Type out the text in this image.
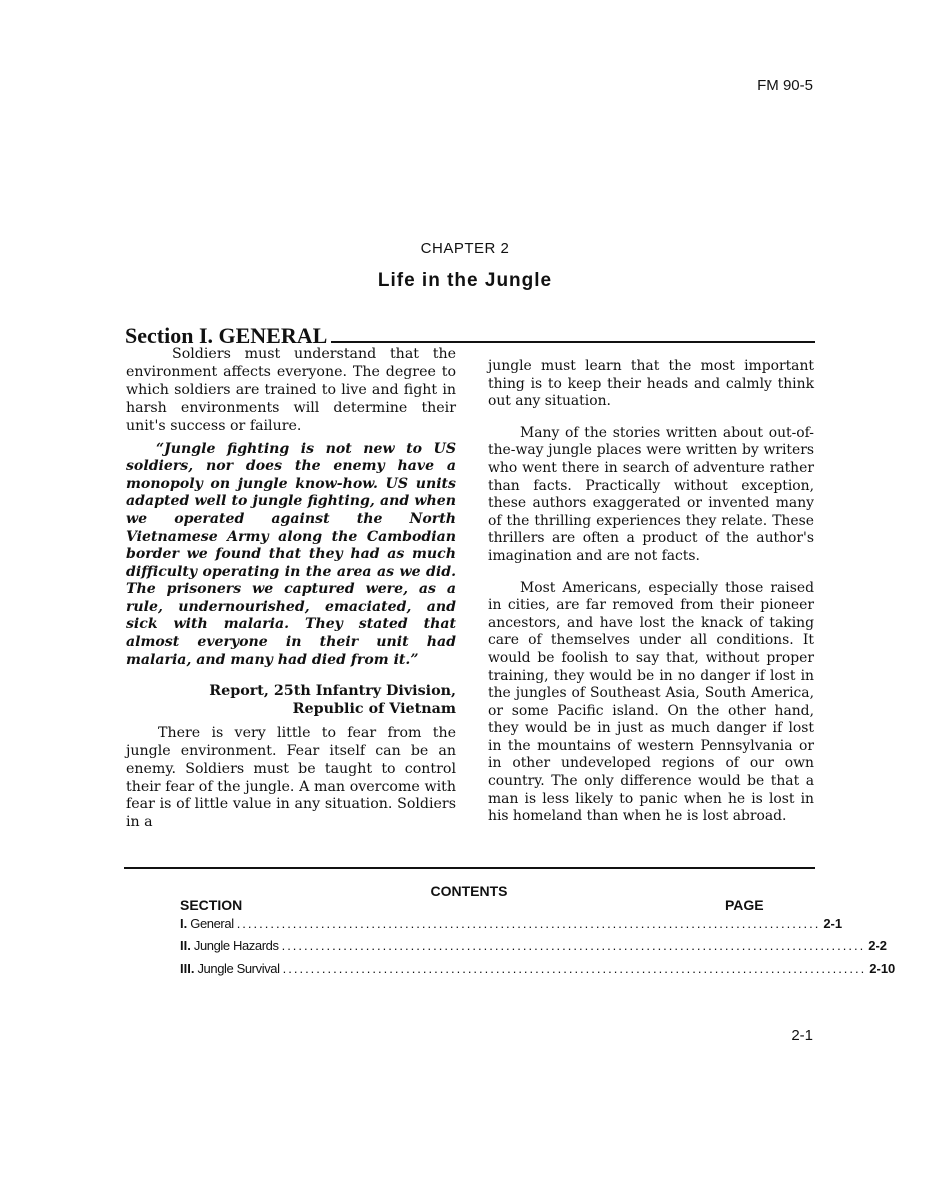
FM 90-5
CHAPTER 2
Life in the Jungle
Section I. GENERAL

Soldiers must understand that the environment affects everyone. The degree to which soldiers are trained to live and fight in harsh environments will determine their unit's success or failure.

“Jungle fighting is not new to US soldiers, nor does the enemy have a monopoly on jungle know-how. US units adapted well to jungle fighting, and when we operated against the North Vietnamese Army along the Cambodian border we found that they had as much difficulty operating in the area as we did. The prisoners we captured were, as a rule, undernourished, emaciated, and sick with malaria. They stated that almost everyone in their unit had malaria, and many had died from it.”

Report, 25th Infantry Division,
Republic of Vietnam

There is very little to fear from the jungle environment. Fear itself can be an enemy. Soldiers must be taught to control their fear of the jungle. A man overcome with fear is of little value in any situation. Soldiers in a

jungle must learn that the most important thing is to keep their heads and calmly think out any situation.

Many of the stories written about out-of-the-way jungle places were written by writers who went there in search of adventure rather than facts. Practically without exception, these authors exaggerated or invented many of the thrilling experiences they relate. These thrillers are often a product of the author's imagination and are not facts.

Most Americans, especially those raised in cities, are far removed from their pioneer ancestors, and have lost the knack of taking care of themselves under all conditions. It would be foolish to say that, without proper training, they would be in no danger if lost in the jungles of Southeast Asia, South America, or some Pacific island. On the other hand, they would be in just as much danger if lost in the mountains of western Pennsylvania or in other undeveloped regions of our own country. The only difference would be that a man is less likely to panic when he is lost in his homeland than when he is lost abroad.

CONTENTS
SECTION	PAGE
I. General ........................................................................................................ 2-1
II. Jungle Hazards ........................................................................................................ 2-2
III. Jungle Survival ........................................................................................................ 2-10
2-1
